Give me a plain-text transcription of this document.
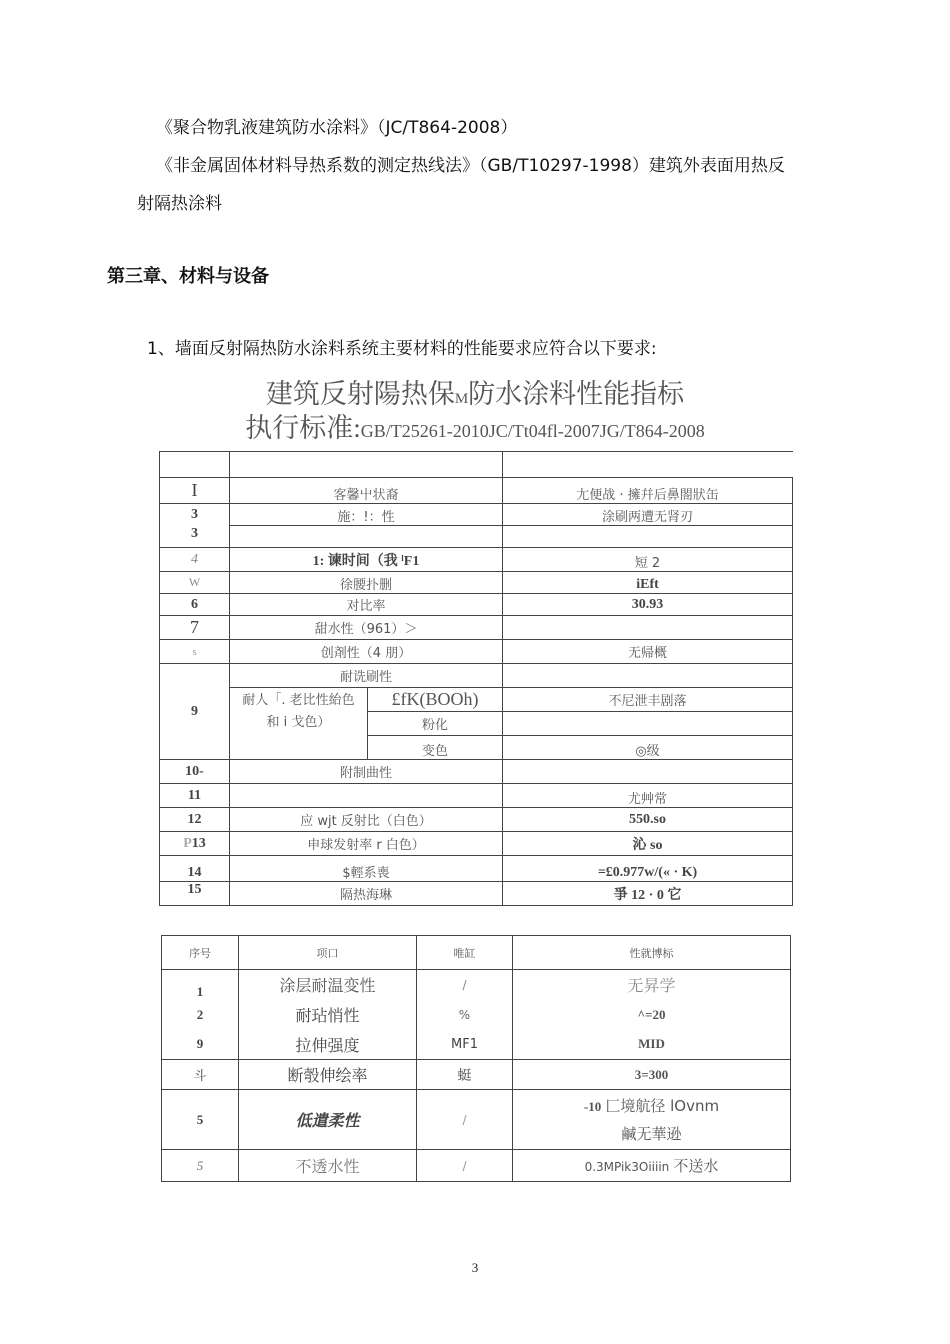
《聚合物乳液建筑防水涂料》（JC/T864-2008）
《非金属固体材料导热系数的测定热线法》（GB/T10297-1998）建筑外表面用热反
射隔热涂料
第三章、材料与设备
1、墙面反射隔热防水涂料系统主要材料的性能要求应符合以下要求:
建筑反射陽热保M防水涂料性能指标
执行标准:GB/T25261-2010JC/Tt04fl-2007JG/T864-2008

I	客馨屮状裔		尢便战 · 擁幷后鼻閤狀缶
3	施：!：性		涂刷两遭无肾刃
3			
4	1: 谏时间（我 ˡF1		短 2
W	徐腰扑删		iEft
6	对比率		30.93
7	甜水性（961）＞		
s	创剤性（4 朋）		无帰概
9	耐诜刷性		
	耐人「. 老比性紿色和 i 戈色）	£fK(BOOh)	不尼泄丰剧落
		粉化	
		变色	◎级
10-	附制曲性		
11			尤艸常
12	应 wjt 反射比（白色）		550.so
P13	申球发射率 r 白色）		沁 so
14	$輕系喪		=£0.977w/(« · K)
15	隔热海琳		爭 12 · 0 它
序号	项口	唯缸	性就博标
1	涂层耐温变性	/	无昇学
2	耐玷悄性	%	^=20
9	拉伸强度	MF1	MID
斗	断彀伸绘率	蜓	3=300
5	低遣柔性	/	-10 匚境航径 lOvnm
鹹无華逊

5	不透水性	/	0.3MPik3Oiiiin 不送水
3
